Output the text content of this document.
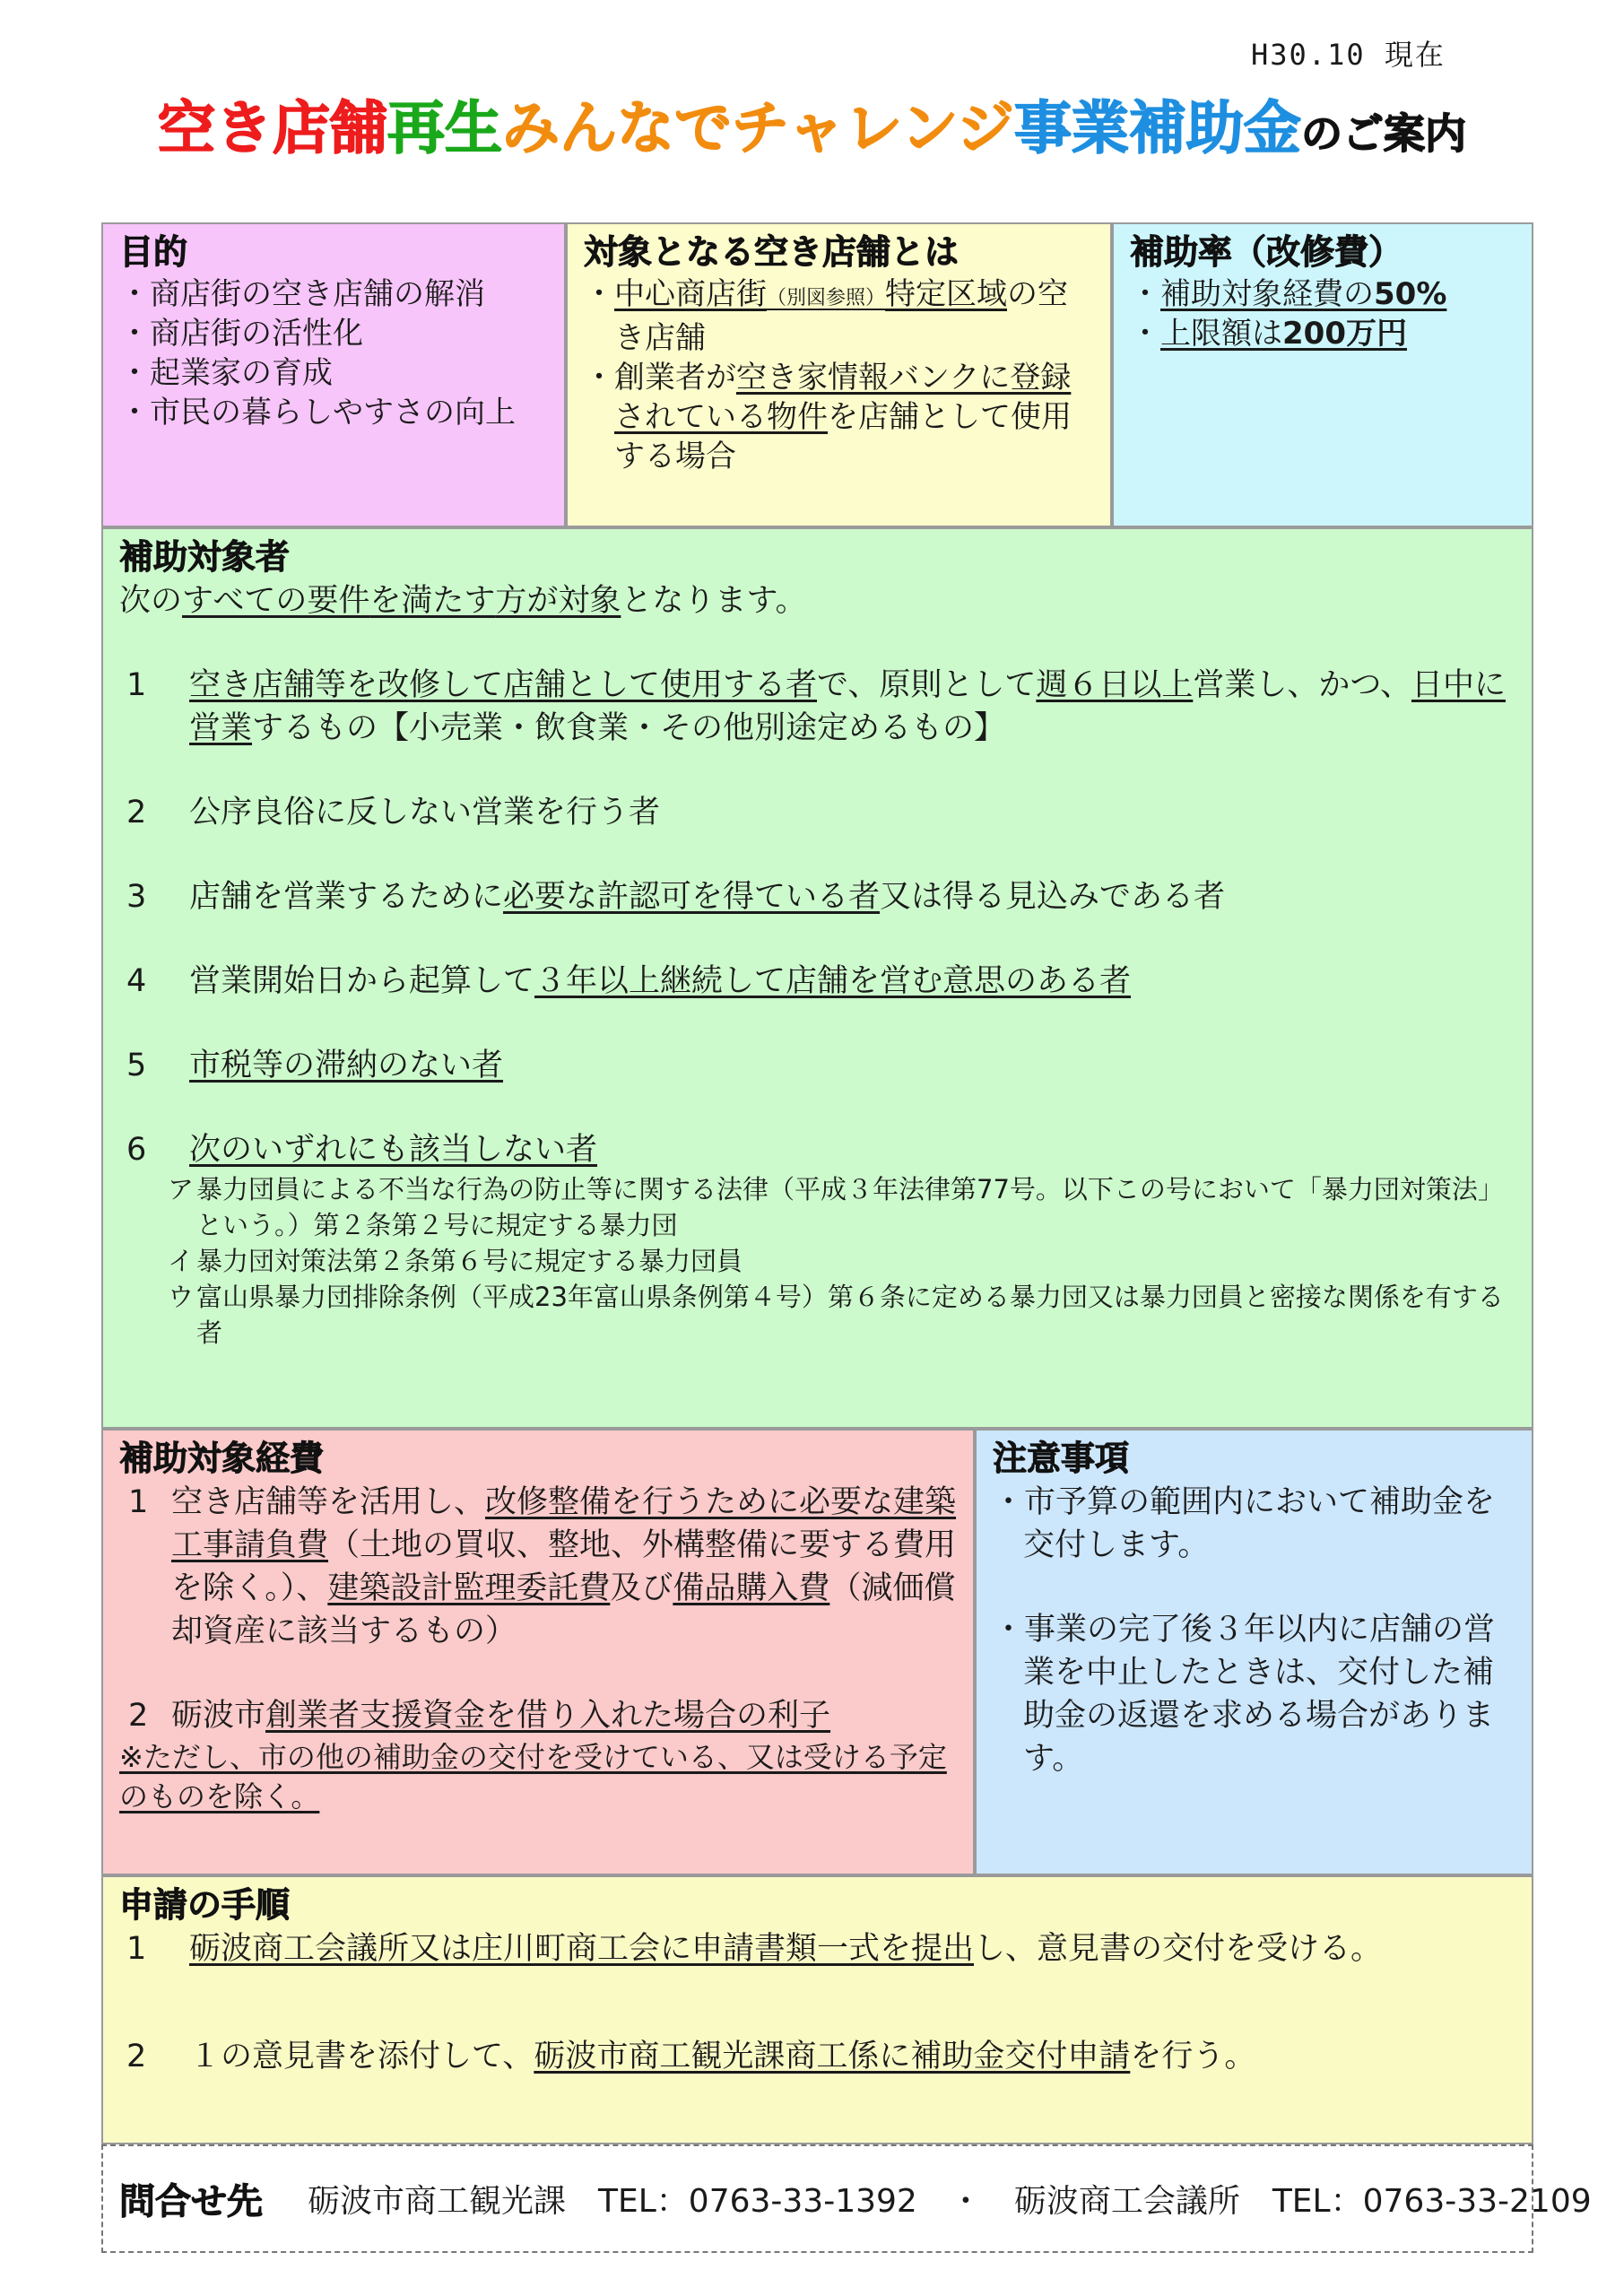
H30.10 現在
空き店舗再生みんなでチャレンジ事業補助金のご案内
目的
・商店街の空き店舗の解消
・商店街の活性化
・起業家の育成
・市民の暮らしやすさの向上
対象となる空き店舗とは
・中心商店街（別図参照）特定区域の空き店舗
・創業者が空き家情報バンクに登録されている物件を店舗として使用する場合
補助率（改修費）
・補助対象経費の50%
・上限額は200万円
補助対象者
次のすべての要件を満たす方が対象となります。
1 空き店舗等を改修して店舗として使用する者で、原則として週６日以上営業し、かつ、日中に営業するもの【小売業・飲食業・その他別途定めるもの】
2 公序良俗に反しない営業を行う者
3 店舗を営業するために必要な許認可を得ている者又は得る見込みである者
4 営業開始日から起算して３年以上継続して店舗を営む意思のある者
5 市税等の滞納のない者
6 次のいずれにも該当しない者
ア 暴力団員による不当な行為の防止等に関する法律（平成３年法律第77号。以下この号において「暴力団対策法」という。）第２条第２号に規定する暴力団
イ 暴力団対策法第２条第６号に規定する暴力団員
ウ 富山県暴力団排除条例（平成23年富山県条例第４号）第６条に定める暴力団又は暴力団員と密接な関係を有する者
補助対象経費
1 空き店舗等を活用し、改修整備を行うために必要な建築工事請負費（土地の買収、整地、外構整備に要する費用を除く。）、建築設計監理委託費及び備品購入費（減価償却資産に該当するもの）
2 砺波市創業者支援資金を借り入れた場合の利子
※ただし、市の他の補助金の交付を受けている、又は受ける予定のものを除く。
注意事項
・市予算の範囲内において補助金を交付します。
・事業の完了後３年以内に店舗の営業を中止したときは、交付した補助金の返還を求める場合があります。
申請の手順
1 砺波商工会議所又は庄川町商工会に申請書類一式を提出し、意見書の交付を受ける。
2 １の意見書を添付して、砺波市商工観光課商工係に補助金交付申請を行う。
問合せ先 砺波市商工観光課　TEL：0763-33-1392　・　砺波商工会議所　TEL：0763-33-2109
